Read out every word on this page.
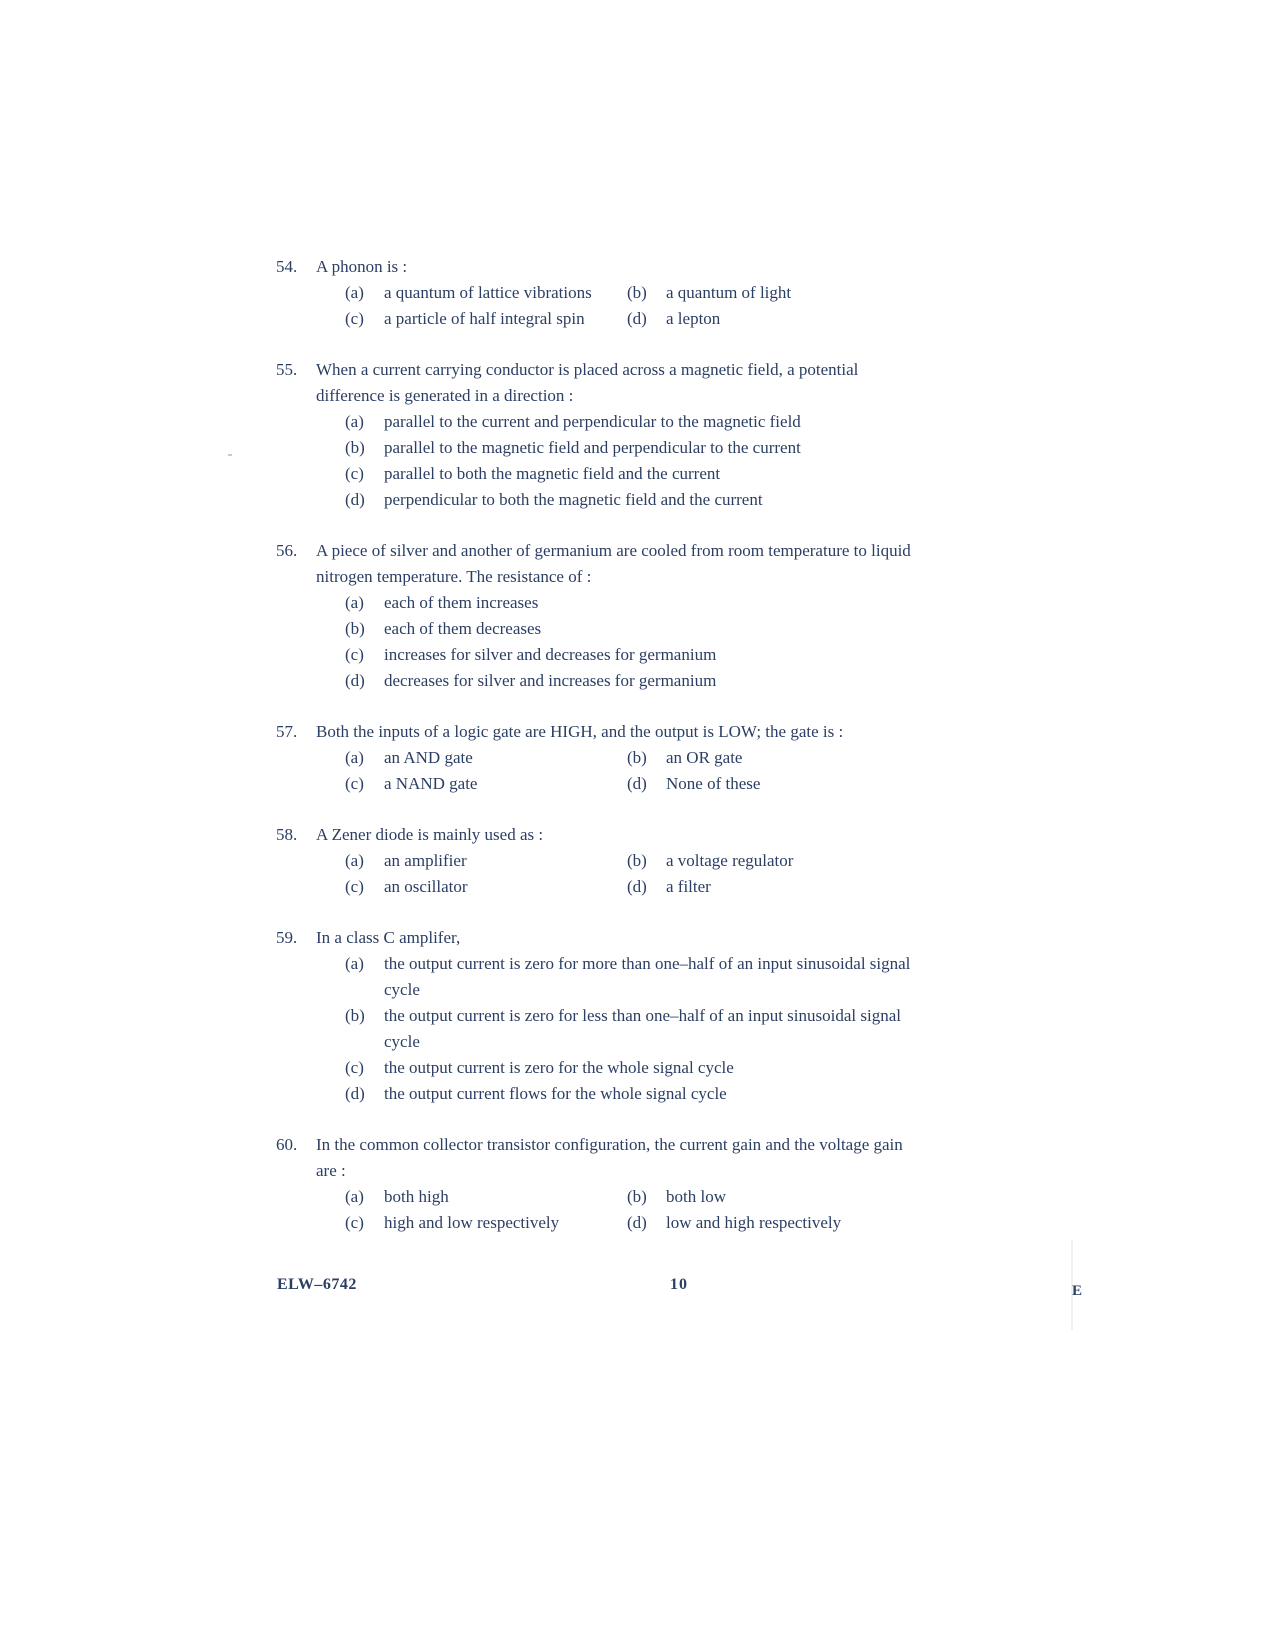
54.	A phonon is :
(a)	a quantum of lattice vibrations	(b)	a quantum of light
(c)	a particle of half integral spin	(d)	a lepton
55.	When a current carrying conductor is placed across a magnetic field, a potential difference is generated in a direction :
(a)	parallel to the current and perpendicular to the magnetic field
(b)	parallel to the magnetic field and perpendicular to the current
(c)	parallel to both the magnetic field and the current
(d)	perpendicular to both the magnetic field and the current
56.	A piece of silver and another of germanium are cooled from room temperature to liquid nitrogen temperature. The resistance of :
(a)	each of them increases
(b)	each of them decreases
(c)	increases for silver and decreases for germanium
(d)	decreases for silver and increases for germanium
57.	Both the inputs of a logic gate are HIGH, and the output is LOW; the gate is :
(a)	an AND gate	(b)	an OR gate
(c)	a NAND gate	(d)	None of these
58.	A Zener diode is mainly used as :
(a)	an amplifier	(b)	a voltage regulator
(c)	an oscillator	(d)	a filter
59.	In a class C amplifer,
(a)	the output current is zero for more than one–half of an input sinusoidal signal cycle
(b)	the output current is zero for less than one–half of an input sinusoidal signal cycle
(c)	the output current is zero for the whole signal cycle
(d)	the output current flows for the whole signal cycle
60.	In the common collector transistor configuration, the current gain and the voltage gain are :
(a)	both high	(b)	both low
(c)	high and low respectively	(d)	low and high respectively
ELW–6742	10	E
